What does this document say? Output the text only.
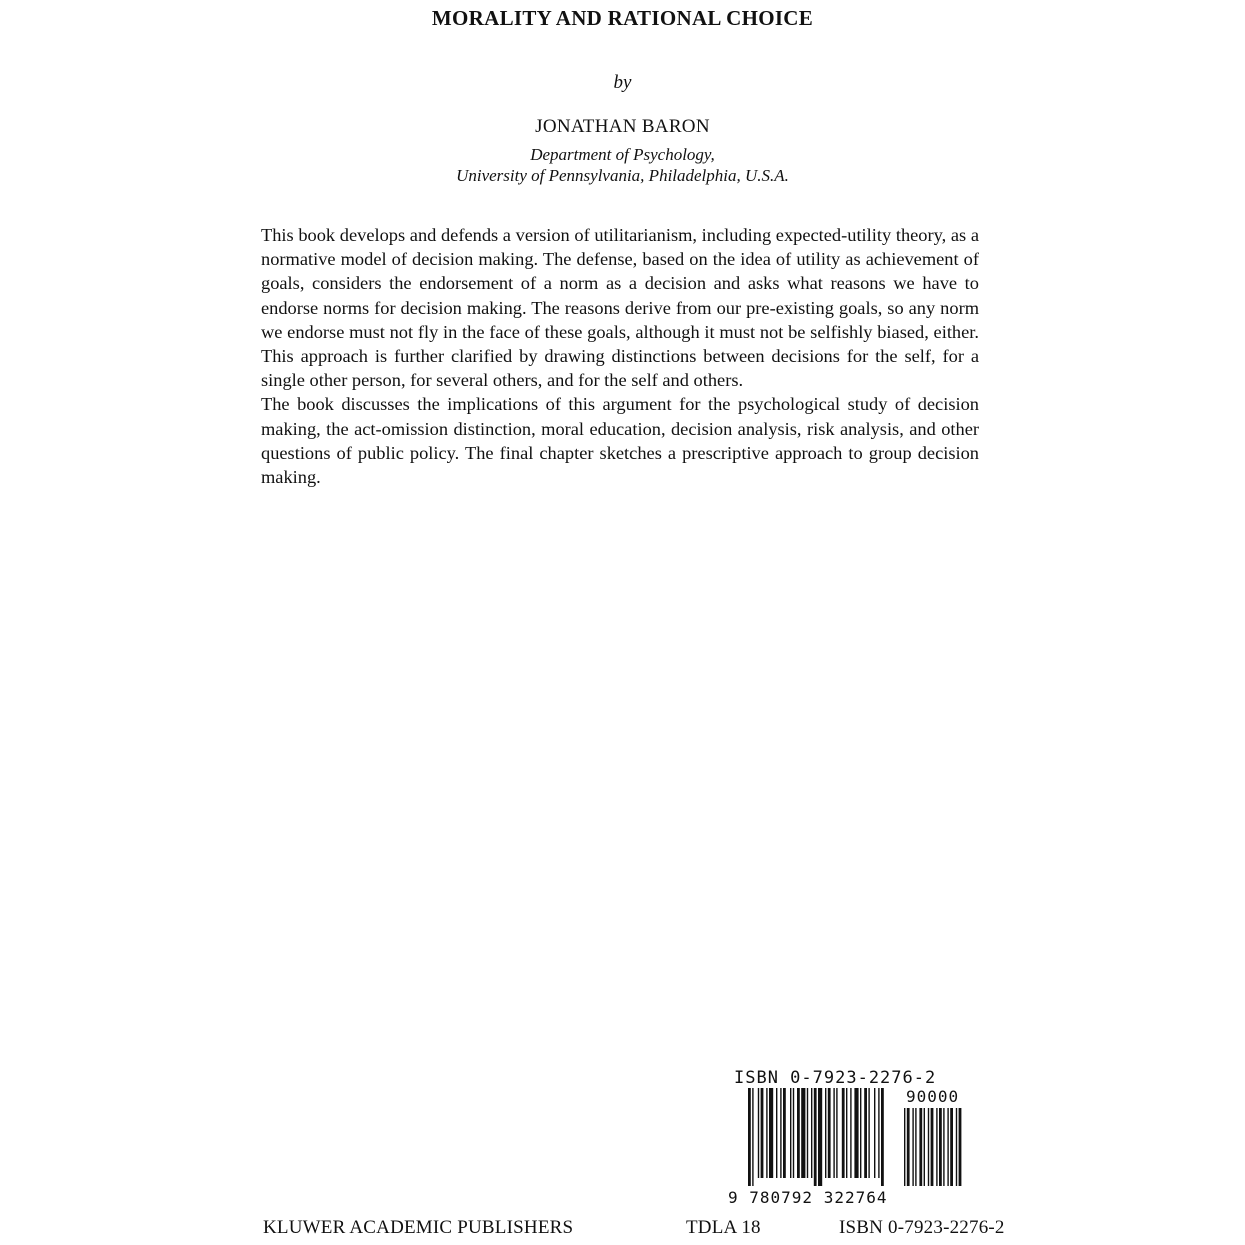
MORALITY AND RATIONAL CHOICE
by
JONATHAN BARON
Department of Psychology,
University of Pennsylvania, Philadelphia, U.S.A.

This book develops and defends a version of utilitarianism, including expected-utility theory, as a normative model of decision making. The defense, based on the idea of utility as achievement of goals, considers the endorsement of a norm as a decision and asks what reasons we have to endorse norms for decision making. The reasons derive from our pre-existing goals, so any norm we endorse must not fly in the face of these goals, although it must not be selfishly biased, either. This approach is further clarified by drawing distinctions between decisions for the self, for a single other person, for several others, and for the self and others.

The book discusses the implications of this argument for the psychological study of decision making, the act-omission distinction, moral education, decision analysis, risk analysis, and other questions of public policy. The final chapter sketches a prescriptive approach to group decision making.

ISBN 0-7923-2276-2
90000
9 780792 322764
KLUWER ACADEMIC PUBLISHERS	TDLA 18	ISBN 0-7923-2276-2
